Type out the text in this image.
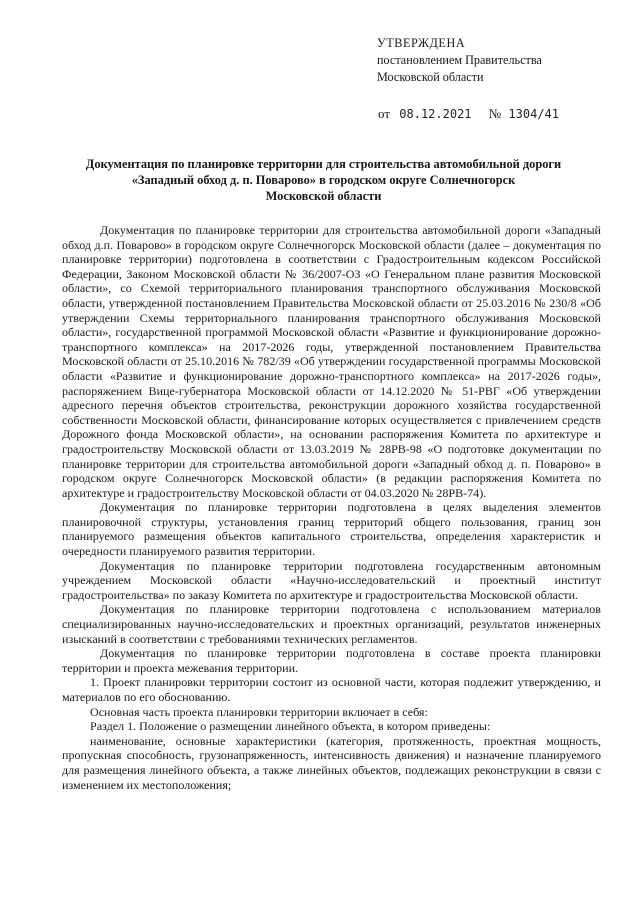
УТВЕРЖДЕНА
постановлением Правительства
Московской области
от 08.12.2021 № 1304/41
Документация по планировке территории для строительства автомобильной дороги
«Западный обход д. п. Поварово» в городском округе Солнечногорск
Московской области

Документация по планировке территории для строительства автомобильной дороги «Западный обход д.п. Поварово» в городском округе Солнечногорск Московской области (далее – документация по планировке территории) подготовлена в соответствии с Градостроительным кодексом Российской Федерации, Законом Московской области № 36/2007-ОЗ «О Генеральном плане развития Московской области», со Схемой территориального планирования транспортного обслуживания Московской области, утвержденной постановлением Правительства Московской области от 25.03.2016 № 230/8 «Об утверждении Схемы территориального планирования транспортного обслуживания Московской области», государственной программой Московской области «Развитие и функционирование дорожно-транспортного комплекса» на 2017-2026 годы, утвержденной постановлением Правительства Московской области от 25.10.2016 № 782/39 «Об утверждении государственной программы Московской области «Развитие и функционирование дорожно-транспортного комплекса» на 2017-2026 годы», распоряжением Вице-губернатора Московской области от 14.12.2020 № 51-РВГ «Об утверждении адресного перечня объектов строительства, реконструкции дорожного хозяйства государственной собственности Московской области, финансирование которых осуществляется с привлечением средств Дорожного фонда Московской области», на основании распоряжения Комитета по архитектуре и градостроительству Московской области от 13.03.2019 № 28РВ-98 «О подготовке документации по планировке территории для строительства автомобильной дороги «Западный обход д. п. Поварово» в городском округе Солнечногорск Московской области» (в редакции распоряжения Комитета по архитектуре и градостроительству Московской области от 04.03.2020 № 28РВ-74).

Документация по планировке территории подготовлена в целях выделения элементов планировочной структуры, установления границ территорий общего пользования, границ зон планируемого размещения объектов капитального строительства, определения характеристик и очередности планируемого развития территории.

Документация по планировке территории подготовлена государственным автономным учреждением Московской области «Научно-исследовательский и проектный институт градостроительства» по заказу Комитета по архитектуре и градостроительства Московской области.

Документация по планировке территории подготовлена с использованием материалов специализированных научно-исследовательских и проектных организаций, результатов инженерных изысканий в соответствии с требованиями технических регламентов.

Документация по планировке территории подготовлена в составе проекта планировки территории и проекта межевания территории.

1. Проект планировки территории состоит из основной части, которая подлежит утверждению, и материалов по его обоснованию.

Основная часть проекта планировки территории включает в себя:

Раздел 1. Положение о размещении линейного объекта, в котором приведены:

наименование, основные характеристики (категория, протяженность, проектная мощность, пропускная способность, грузонапряженность, интенсивность движения) и назначение планируемого для размещения линейного объекта, а также линейных объектов, подлежащих реконструкции в связи с изменением их местоположения;
